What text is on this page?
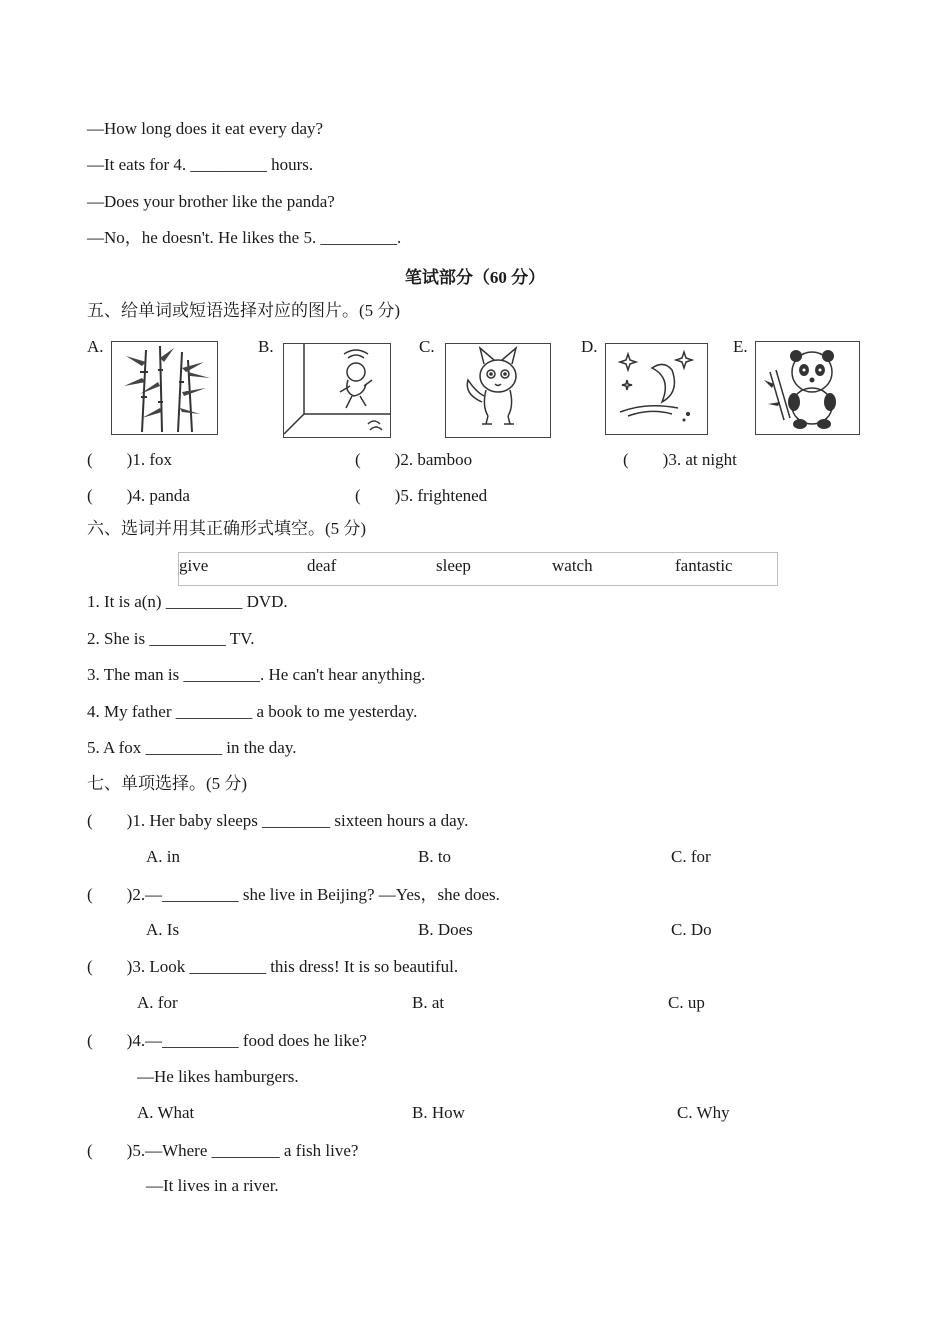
—How long does it eat every day?
—It eats for 4. _________ hours.
—Does your brother like the panda?
—No，he doesn't. He likes the 5. _________.
笔试部分（60 分）
五、给单词或短语选择对应的图片。(5 分)
A.	B.	C.	D.	E.
(　　)1. fox	(　　)2. bamboo	(　　)3. at night
(　　)4. panda	(　　)5. frightened
六、选词并用其正确形式填空。(5 分)
give	deaf	sleep	watch	fantastic
1. It is a(n) _________ DVD.
2. She is _________ TV.
3. The man is _________. He can't hear anything.
4. My father _________ a book to me yesterday.
5. A fox _________ in the day.
七、单项选择。(5 分)
(　　)1. Her baby sleeps ________ sixteen hours a day.
A. in	B. to	C. for
(　　)2.—_________ she live in Beijing? —Yes，she does.
A. Is	B. Does	C. Do
(　　)3. Look _________ this dress! It is so beautiful.
A. for	B. at	C. up
(　　)4.—_________ food does he like?
—He likes hamburgers.
A. What	B. How	C. Why
(　　)5.—Where ________ a fish live?
—It lives in a river.
